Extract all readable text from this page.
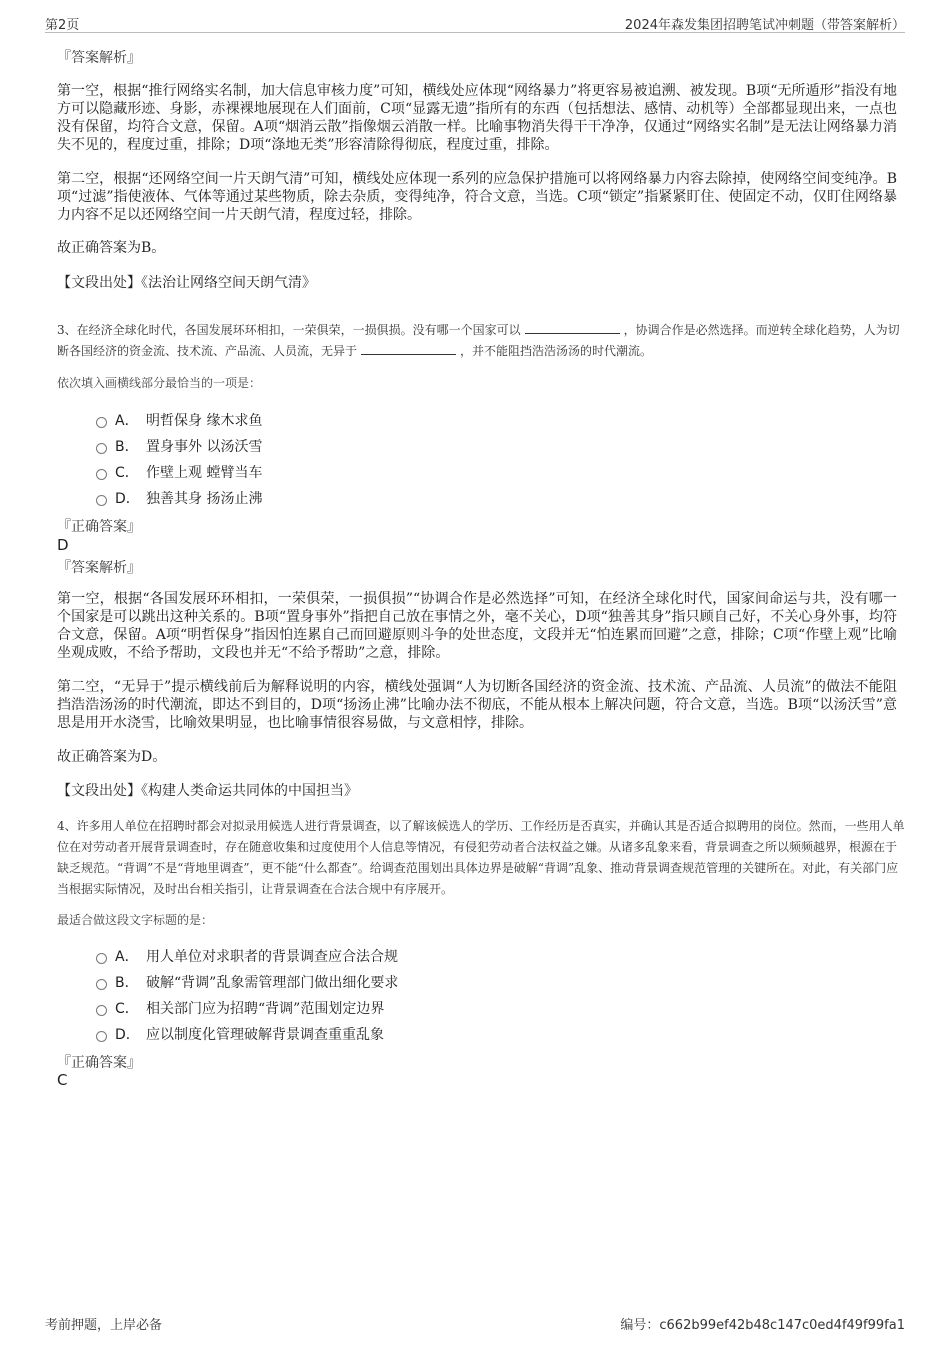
第2页	2024年森发集团招聘笔试冲刺题（带答案解析）
『答案解析』
第一空，根据“推行网络实名制，加大信息审核力度”可知，横线处应体现“网络暴力”将更容易被追溯、被发现。B项“无所遁形”指没有地方可以隐藏形迹、身影，赤裸裸地展现在人们面前，C项“显露无遗”指所有的东西（包括想法、感情、动机等）全部都显现出来，一点也没有保留，均符合文意，保留。A项“烟消云散”指像烟云消散一样。比喻事物消失得干干净净，仅通过“网络实名制”是无法让网络暴力消失不见的，程度过重，排除；D项“涤地无类”形容清除得彻底，程度过重，排除。
第二空，根据“还网络空间一片天朗气清”可知，横线处应体现一系列的应急保护措施可以将网络暴力内容去除掉，使网络空间变纯净。B项“过滤”指使液体、气体等通过某些物质，除去杂质，变得纯净，符合文意，当选。C项“锁定”指紧紧盯住、使固定不动，仅盯住网络暴力内容不足以还网络空间一片天朗气清，程度过轻，排除。
故正确答案为B。
【文段出处】《法治让网络空间天朗气清》
3、在经济全球化时代，各国发展环环相扣，一荣俱荣，一损俱损。没有哪一个国家可以	，协调合作是必然选择。而逆转全球化趋势，人为切断各国经济的资金流、技术流、产品流、人员流，无异于	，并不能阻挡浩浩汤汤的时代潮流。
依次填入画横线部分最恰当的一项是：
A． 明哲保身 缘木求鱼
B． 置身事外 以汤沃雪
C． 作壁上观 螳臂当车
D． 独善其身 扬汤止沸
『正确答案』
D
『答案解析』
第一空，根据“各国发展环环相扣，一荣俱荣，一损俱损”“协调合作是必然选择”可知，在经济全球化时代，国家间命运与共，没有哪一个国家是可以跳出这种关系的。B项“置身事外”指把自己放在事情之外，毫不关心，D项“独善其身”指只顾自己好，不关心身外事，均符合文意，保留。A项“明哲保身”指因怕连累自己而回避原则斗争的处世态度，文段并无“怕连累而回避”之意，排除；C项“作壁上观”比喻坐观成败，不给予帮助，文段也并无“不给予帮助”之意，排除。
第二空，“无异于”提示横线前后为解释说明的内容，横线处强调“人为切断各国经济的资金流、技术流、产品流、人员流”的做法不能阻挡浩浩汤汤的时代潮流，即达不到目的，D项“扬汤止沸”比喻办法不彻底，不能从根本上解决问题，符合文意，当选。B项“以汤沃雪”意思是用开水浇雪，比喻效果明显，也比喻事情很容易做，与文意相悖，排除。
故正确答案为D。
【文段出处】《构建人类命运共同体的中国担当》
4、许多用人单位在招聘时都会对拟录用候选人进行背景调查，以了解该候选人的学历、工作经历是否真实，并确认其是否适合拟聘用的岗位。然而，一些用人单位在对劳动者开展背景调查时，存在随意收集和过度使用个人信息等情况，有侵犯劳动者合法权益之嫌。从诸多乱象来看，背景调查之所以频频越界，根源在于缺乏规范。“背调”不是“背地里调查”，更不能“什么都查”。给调查范围划出具体边界是破解“背调”乱象、推动背景调查规范管理的关键所在。对此，有关部门应当根据实际情况，及时出台相关指引，让背景调查在合法合规中有序展开。
最适合做这段文字标题的是：
A． 用人单位对求职者的背景调查应合法合规
B． 破解“背调”乱象需管理部门做出细化要求
C． 相关部门应为招聘“背调”范围划定边界
D． 应以制度化管理破解背景调查重重乱象
『正确答案』
C
考前押题，上岸必备	编号：c662b99ef42b48c147c0ed4f49f99fa1
